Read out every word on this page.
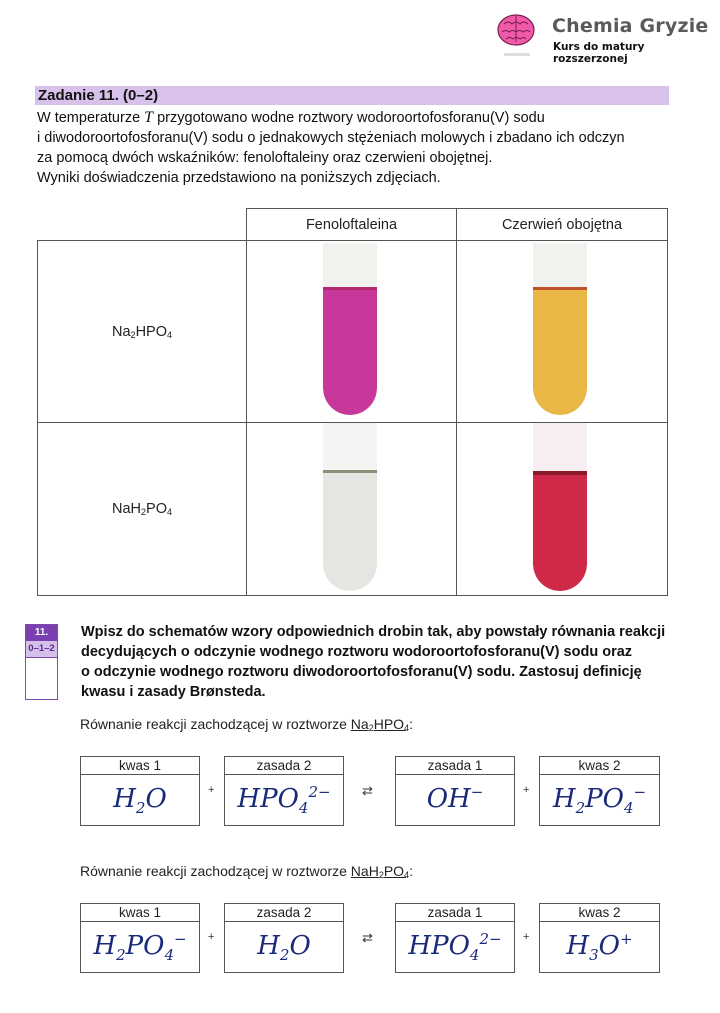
Chemia Gryzie
Kurs do matury rozszerzonej
Zadanie 11. (0–2)

W temperaturze T przygotowano wodne roztwory wodoroortofosforanu(V) sodu

i diwodoroortofosforanu(V) sodu o jednakowych stężeniach molowych i zbadano ich odczyn

za pomocą dwóch wskaźników: fenoloftaleiny oraz czerwieni obojętnej.

Wyniki doświadczenia przedstawiono na poniższych zdjęciach.

	Fenoloftaleina	Czerwień obojętna
$Na_2HPO_4$	

$NaH_2PO_4$	

11.
0–1–2

Wpisz do schematów wzory odpowiednich drobin tak, aby powstały równania reakcji

decydujących o odczynie wodnego roztworu wodoroortofosforanu(V) sodu oraz

o odczynie wodnego roztworu diwodoroortofosforanu(V) sodu. Zastosuj definicję

kwasu i zasady Brønsteda.

Równanie reakcji zachodzącej w roztworze $Na_2HPO_4$:
kwas 1
$H_2O$	+
zasada 2
$HPO_4^{2-}$	⇄
zasada 1
OH−	+
kwas 2
$H_2PO_4^-$
Równanie reakcji zachodzącej w roztworze $NaH_2PO_4$:
kwas 1
$H_2PO_4^-$	+
zasada 2
$H_2O$	⇄
zasada 1
$HPO_4^{2-}$	+
kwas 2
$H_3O^+$
